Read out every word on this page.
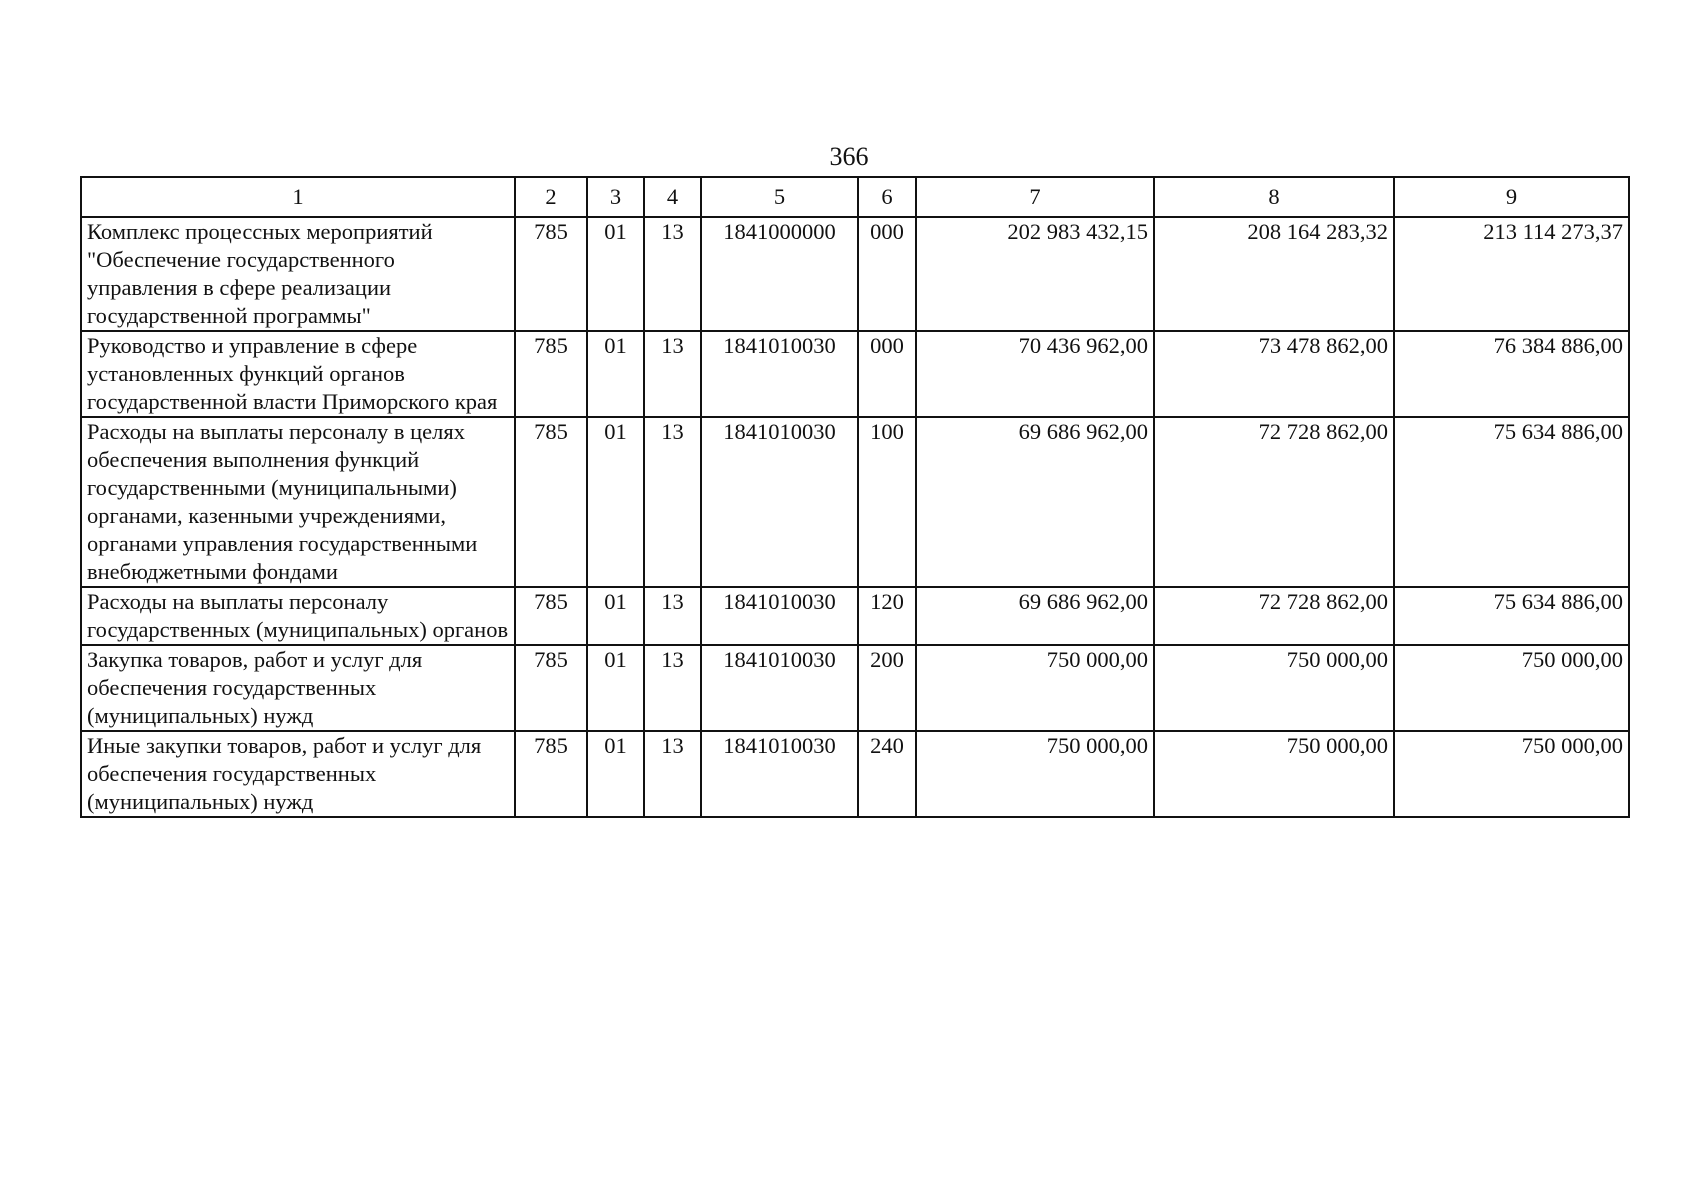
366
1	2	3	4	5	6	7	8	9
Комплекс процессных мероприятий "Обеспечение государственного управления в сфере реализации государственной программы"	785	01	13	1841000000	000	202 983 432,15	208 164 283,32	213 114 273,37
Руководство и управление в сфере установленных функций органов государственной власти Приморского края	785	01	13	1841010030	000	70 436 962,00	73 478 862,00	76 384 886,00
Расходы на выплаты персоналу в целях обеспечения выполнения функций государственными (муниципальными) органами, казенными учреждениями, органами управления государственными внебюджетными фондами	785	01	13	1841010030	100	69 686 962,00	72 728 862,00	75 634 886,00
Расходы на выплаты персоналу государственных (муниципальных) органов	785	01	13	1841010030	120	69 686 962,00	72 728 862,00	75 634 886,00
Закупка товаров, работ и услуг для обеспечения государственных (муниципальных) нужд	785	01	13	1841010030	200	750 000,00	750 000,00	750 000,00
Иные закупки товаров, работ и услуг для обеспечения государственных (муниципальных) нужд	785	01	13	1841010030	240	750 000,00	750 000,00	750 000,00
